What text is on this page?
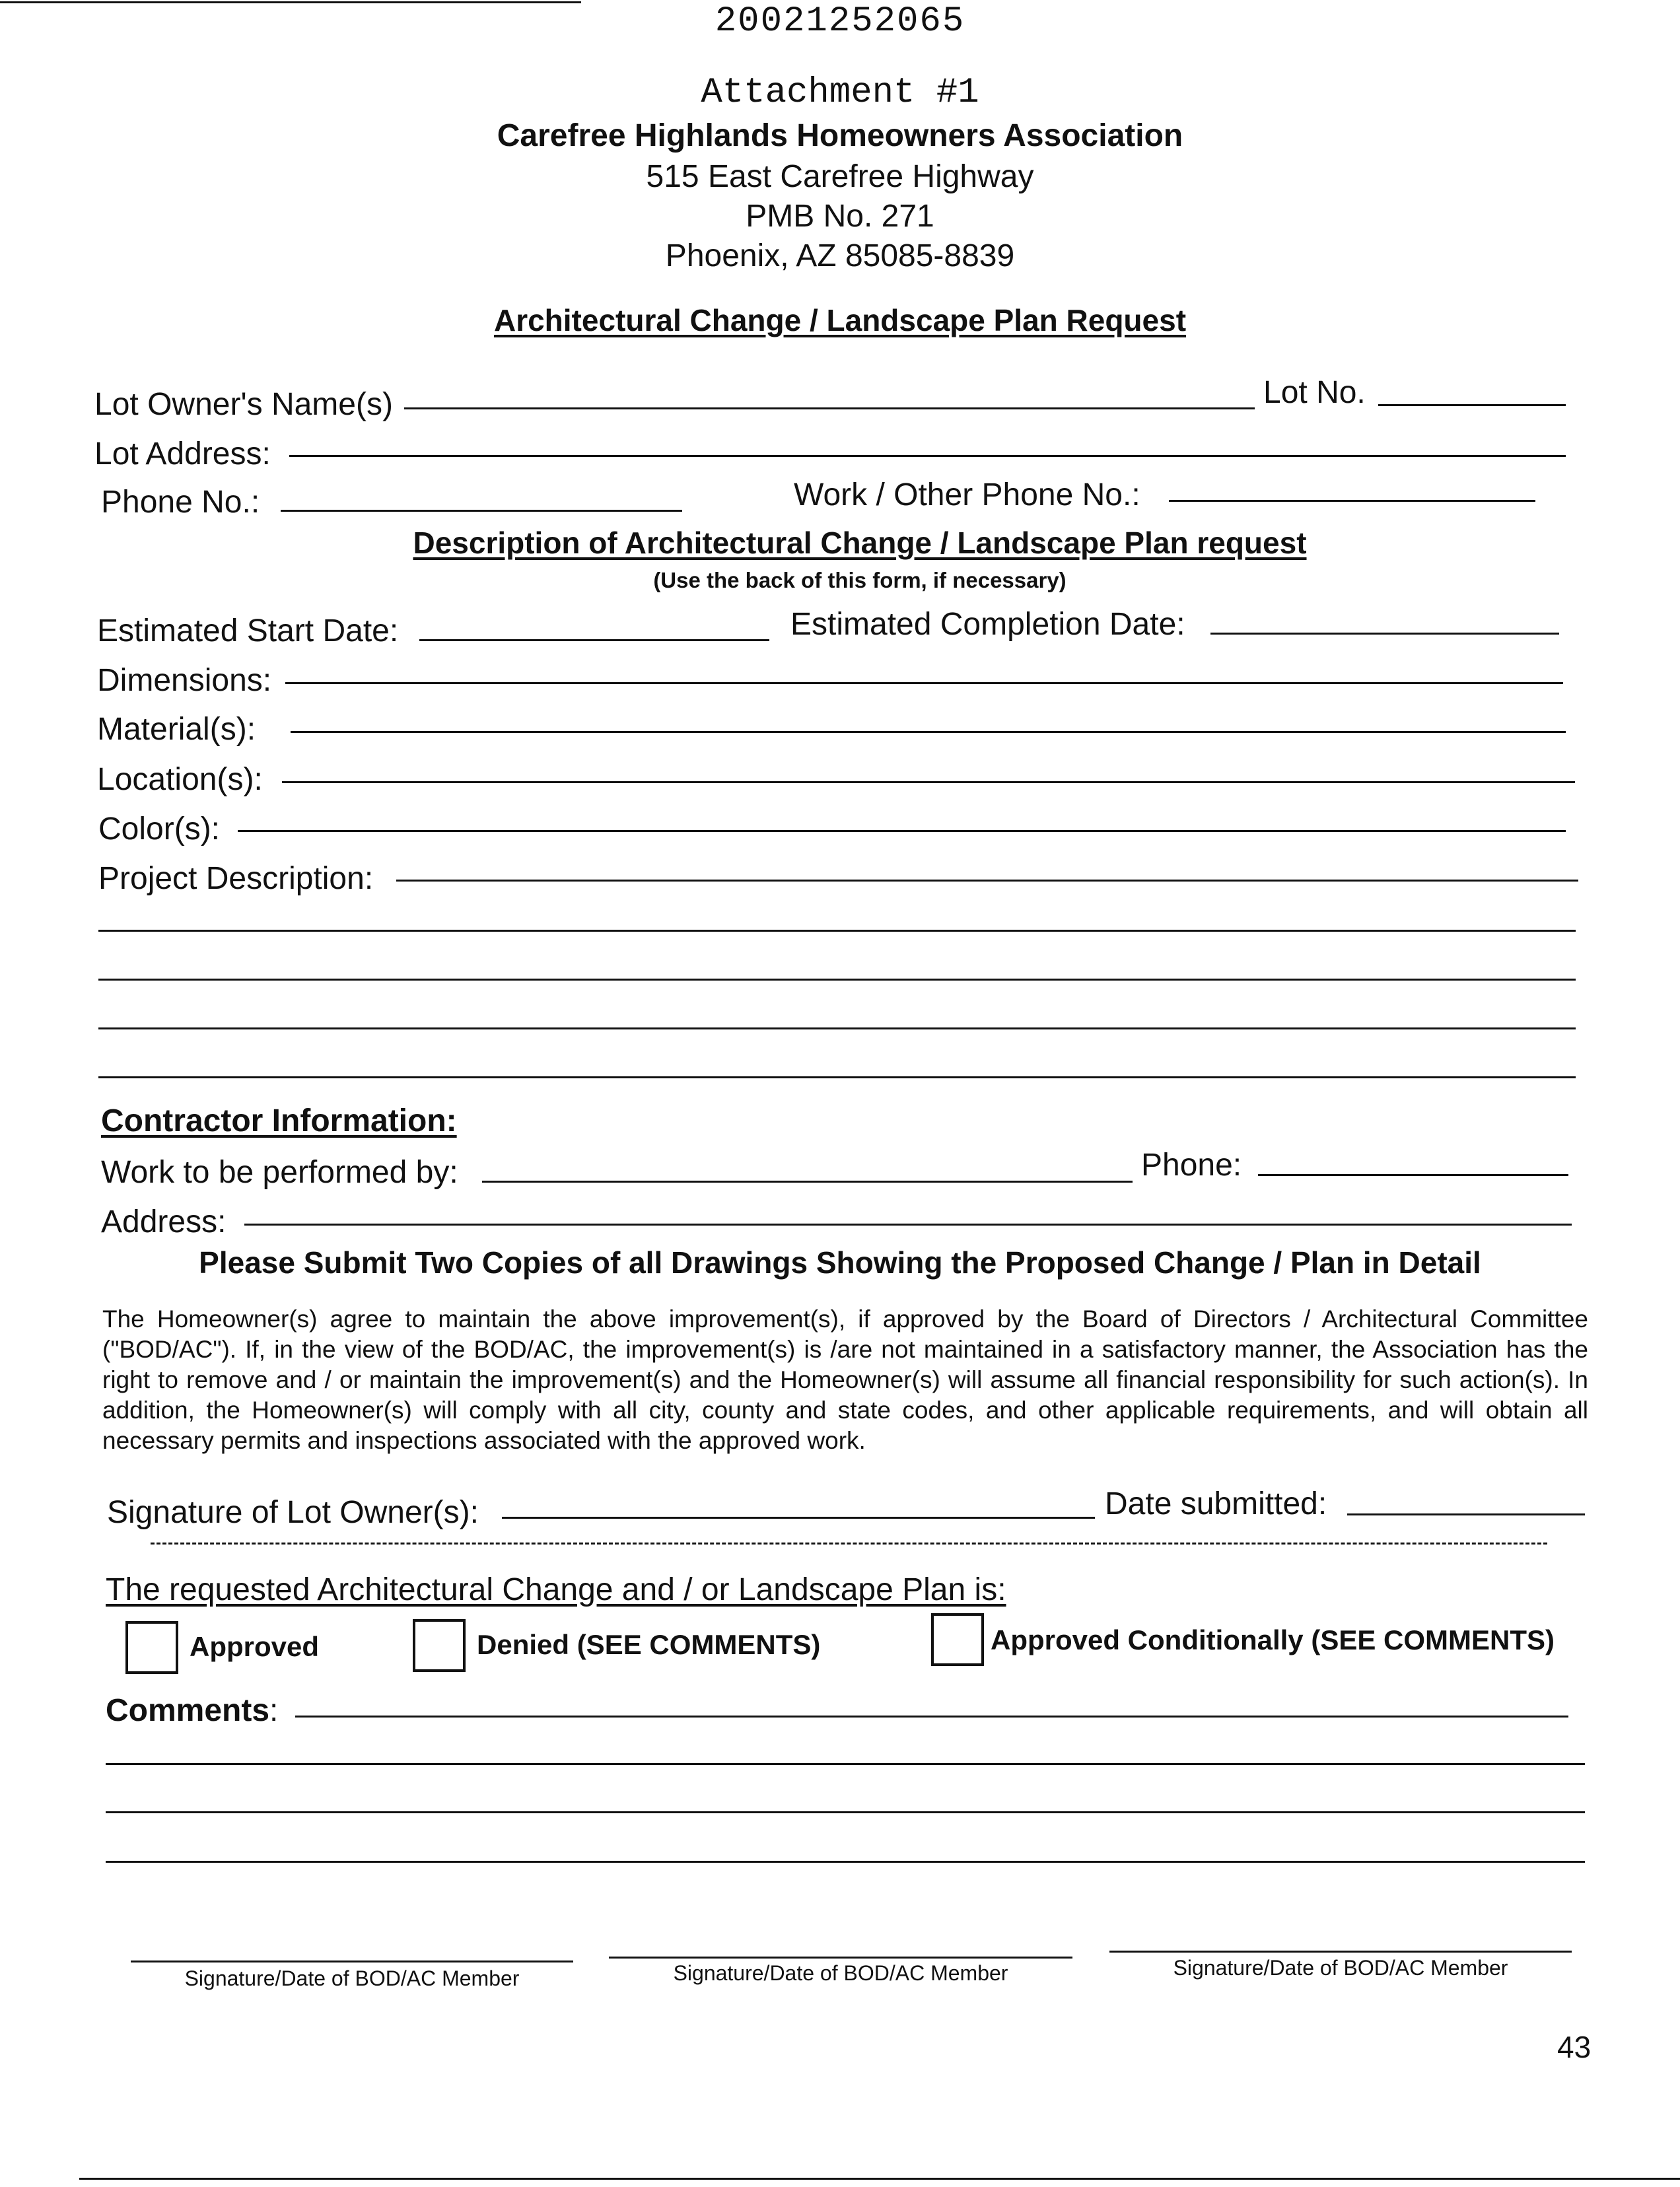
20021252065
Attachment #1
Carefree Highlands Homeowners Association
515 East Carefree Highway
PMB No. 271
Phoenix, AZ 85085-8839
Architectural Change / Landscape Plan Request
Lot Owner's Name(s)	Lot No.
Lot Address:
Phone No.:	Work / Other Phone No.:
Description of Architectural Change / Landscape Plan request
(Use the back of this form, if necessary)
Estimated Start Date:	Estimated Completion Date:
Dimensions:
Material(s):
Location(s):
Color(s):
Project Description:
Contractor Information:
Work to be performed by:	Phone:
Address:
Please Submit Two Copies of all Drawings Showing the Proposed Change / Plan in Detail
The Homeowner(s) agree to maintain the above improvement(s), if approved by the Board of Directors / Architectural Committee ("BOD/AC"). If, in the view of the BOD/AC, the improvement(s) is /are not maintained in a satisfactory manner, the Association has the right to remove and / or maintain the improvement(s) and the Homeowner(s) will assume all financial responsibility for such action(s). In addition, the Homeowner(s) will comply with all city, county and state codes, and other applicable requirements, and will obtain all necessary permits and inspections associated with the approved work.
Signature of Lot Owner(s):	Date submitted:
The requested Architectural Change and / or Landscape Plan is:
Approved	Denied (SEE COMMENTS)	Approved Conditionally (SEE COMMENTS)
Comments:
Signature/Date of BOD/AC Member	Signature/Date of BOD/AC Member	Signature/Date of BOD/AC Member
43
